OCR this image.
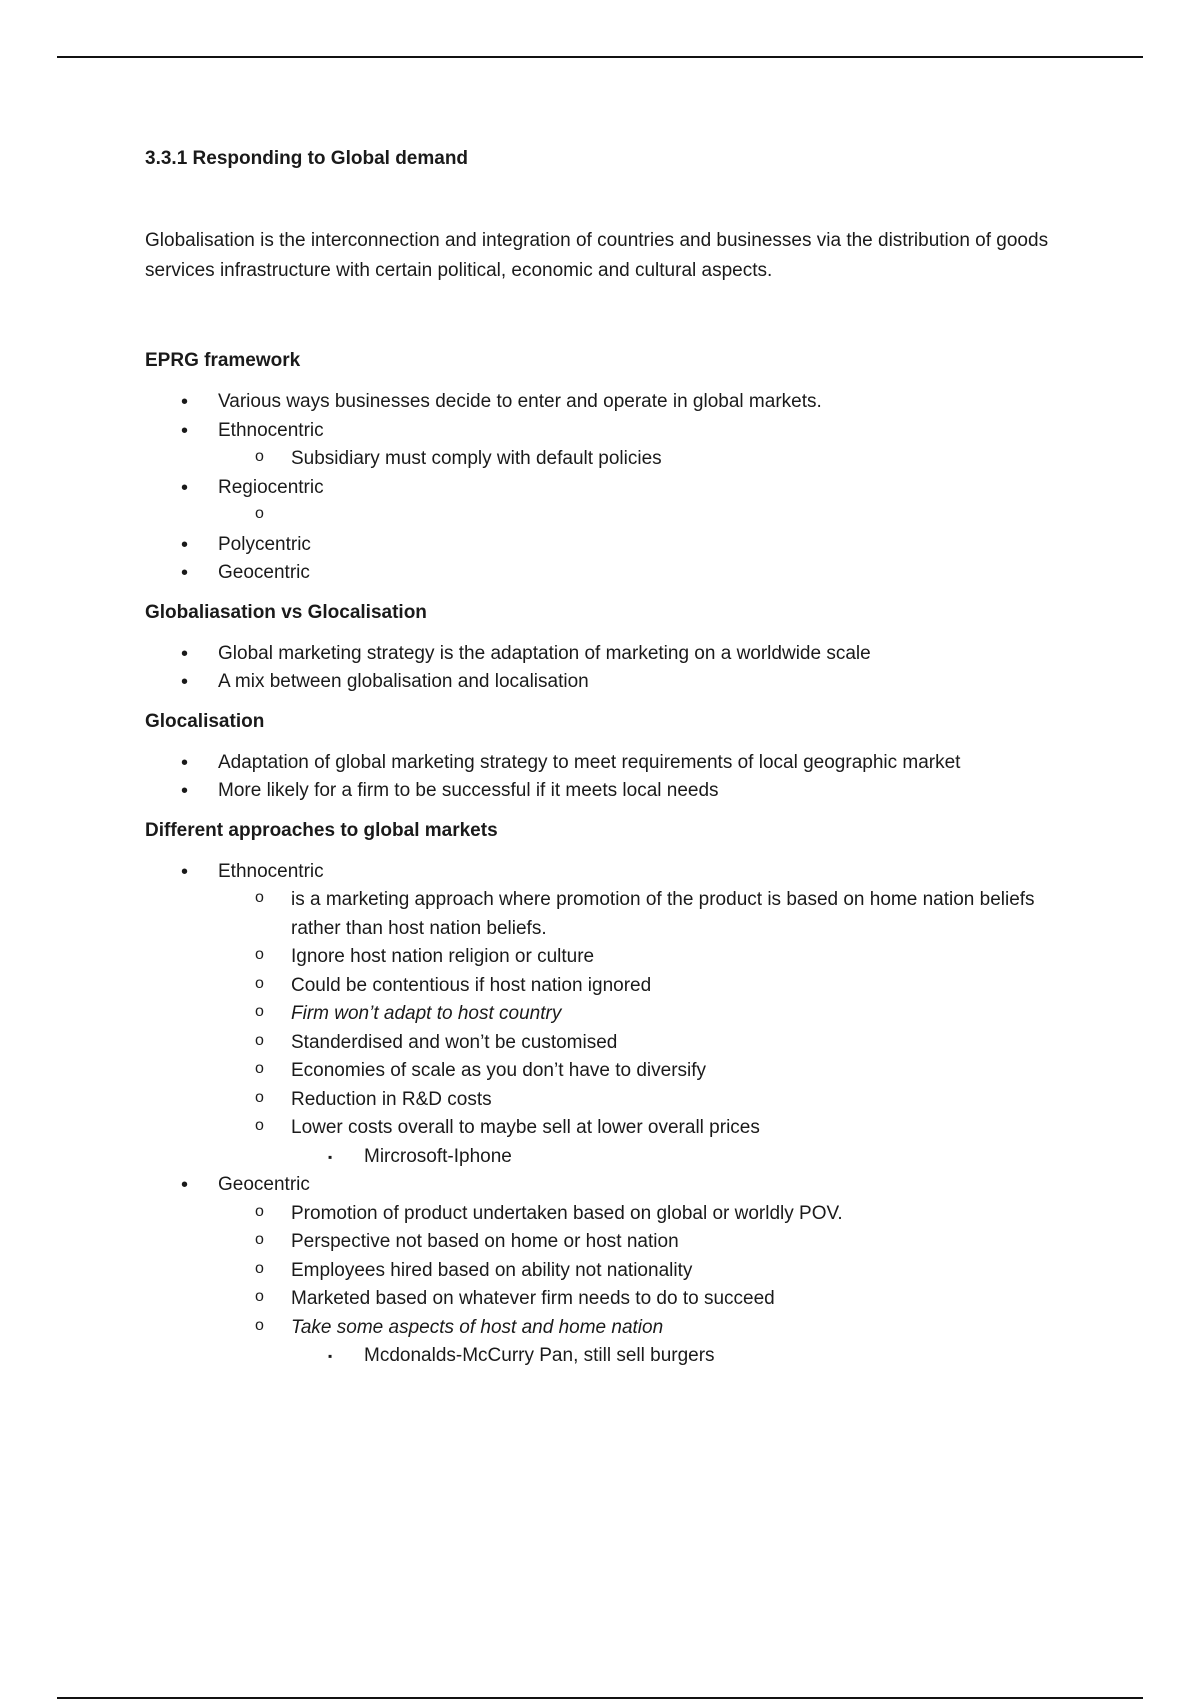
3.3.1 Responding to Global demand

Globalisation is the interconnection and integration of countries and businesses via the distribution of goods services infrastructure with certain political, economic and cultural aspects.

EPRG framework

• Various ways businesses decide to enter and operate in global markets.
• Ethnocentric
o Subsidiary must comply with default policies
• Regiocentric
o
• Polycentric
• Geocentric

Globaliasation vs Glocalisation

• Global marketing strategy is the adaptation of marketing on a worldwide scale
• A mix between globalisation and localisation

Glocalisation

• Adaptation of global marketing strategy to meet requirements of local geographic market
• More likely for a firm to be successful if it meets local needs

Different approaches to global markets

• Ethnocentric
o is a marketing approach where promotion of the product is based on home nation beliefs rather than host nation beliefs.
o Ignore host nation religion or culture
o Could be contentious if host nation ignored
o Firm won’t adapt to host country
o Standerdised and won’t be customised
o Economies of scale as you don’t have to diversify
o Reduction in R&D costs
o Lower costs overall to maybe sell at lower overall prices
▪ Mircrosoft-Iphone
• Geocentric
o Promotion of product undertaken based on global or worldly POV.
o Perspective not based on home or host nation
o Employees hired based on ability not nationality
o Marketed based on whatever firm needs to do to succeed
o Take some aspects of host and home nation
▪ Mcdonalds-McCurry Pan, still sell burgers
